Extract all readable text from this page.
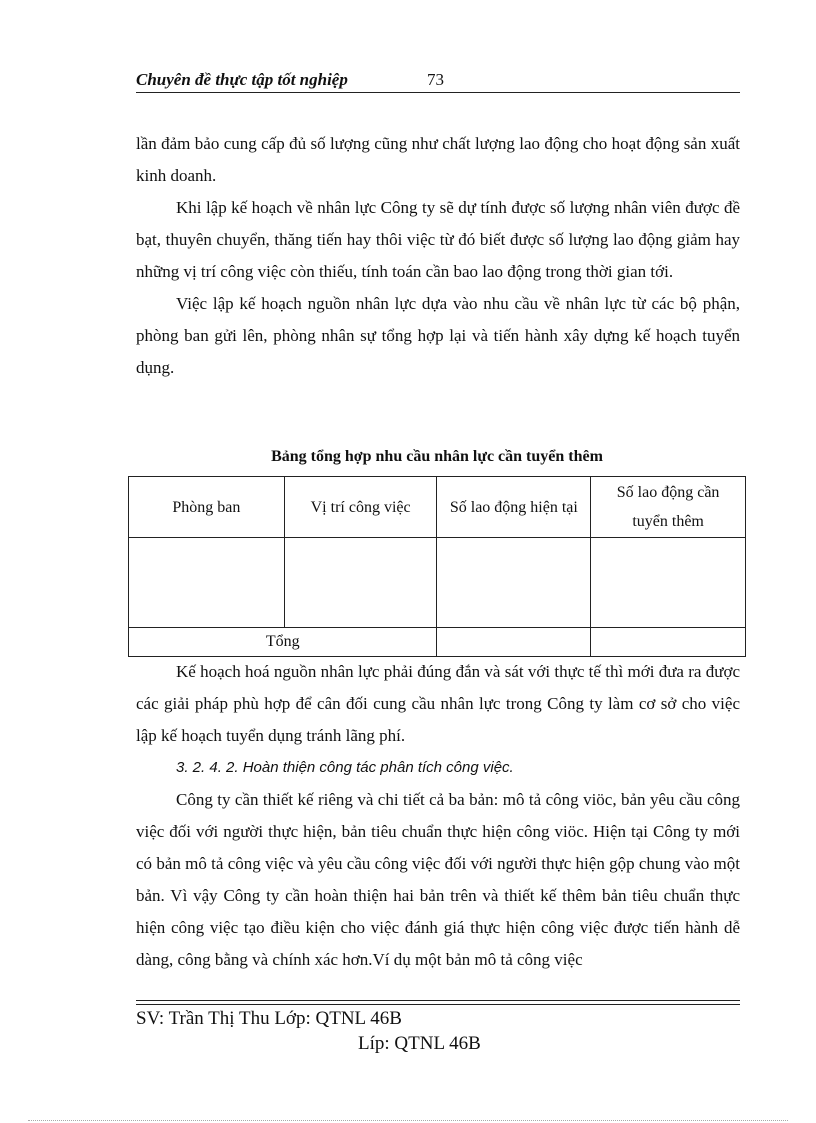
Chuyên đề thực tập tốt nghiệp	73

lần đảm bảo cung cấp đủ số lượng cũng như chất lượng lao động cho hoạt động sản xuất kinh doanh.

Khi lập kế hoạch về nhân lực Công ty sẽ dự tính được số lượng nhân viên được đề bạt, thuyên chuyển, thăng tiến hay thôi việc từ đó biết được số lượng lao động giảm hay những vị trí công việc còn thiếu, tính toán cần bao lao động trong thời gian tới.

Việc lập kế hoạch nguồn nhân lực dựa vào nhu cầu về nhân lực từ các bộ phận, phòng ban gửi lên, phòng nhân sự tổng hợp lại và tiến hành xây dựng kế hoạch tuyển dụng.

Bảng tổng hợp nhu cầu nhân lực cần tuyển thêm
Phòng ban	Vị trí công việc	Số lao động hiện tại	Số lao động cần tuyển thêm

Tổng			

Kế hoạch hoá nguồn nhân lực phải đúng đắn và sát với thực tế thì mới đưa ra được các giải pháp phù hợp để cân đối cung cầu nhân lực trong Công ty làm cơ sở cho việc lập kế hoạch tuyển dụng tránh lãng phí.

3. 2. 4. 2. Hoàn thiện công tác phân tích công việc.

Công ty cần thiết kế riêng và chi tiết cả ba bản: mô tả công viöc, bản yêu cầu công việc đối với người thực hiện, bản tiêu chuẩn thực hiện công viöc. Hiện tại Công ty mới có bản mô tả công việc và yêu cầu công việc đối với người thực hiện gộp chung vào một bản. Vì vậy Công ty cần hoàn thiện hai bản trên và thiết kế thêm bản tiêu chuẩn thực hiện công việc tạo điều kiện cho việc đánh giá thực hiện công việc được tiến hành dễ dàng, công bằng và chính xác hơn.Ví dụ một bản mô tả công việc

SV: Trần Thị Thu Lớp: QTNL 46B
Líp: QTNL 46B
